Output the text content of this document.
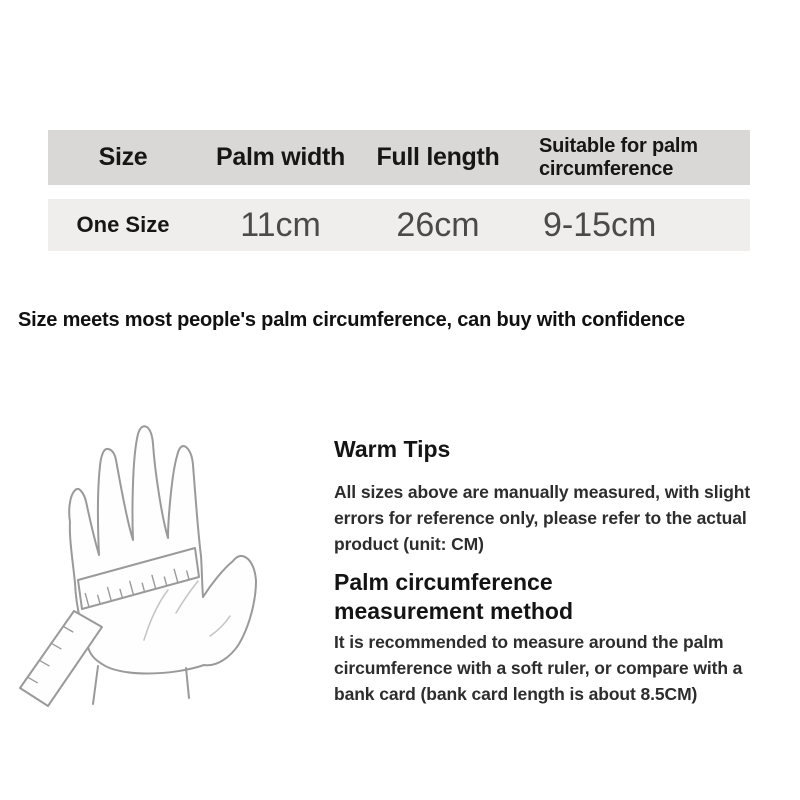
Size	Palm width	Full length	Suitable for palm
circumference
One Size	11cm	26cm	9-15cm
Size meets most people's palm circumference, can buy with confidence
Warm Tips
All sizes above are manually measured, with slight
errors for reference only, please refer to the actual
product (unit: CM)
Palm circumference
measurement method
It is recommended to measure around the palm
circumference with a soft ruler, or compare with a
bank card (bank card length is about 8.5CM)
